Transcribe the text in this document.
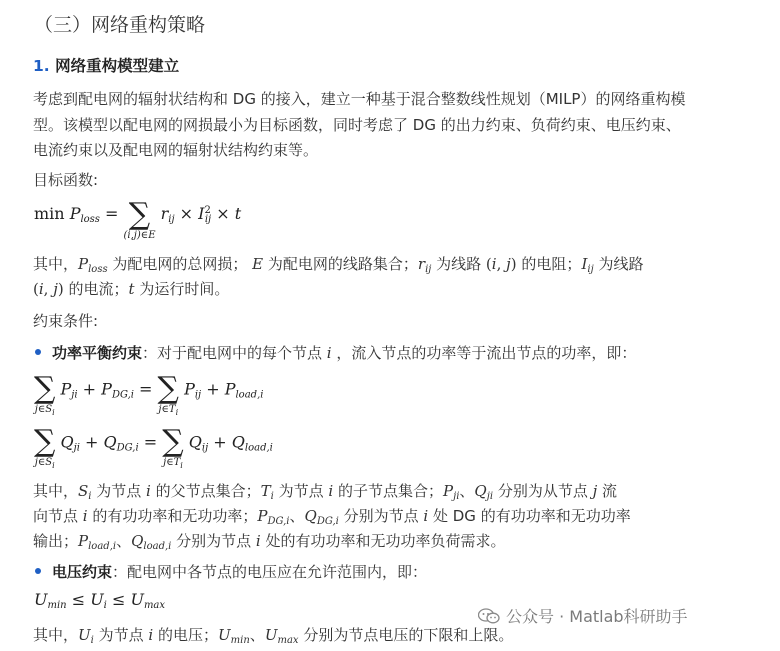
（三）网络重构策略
1. 网络重构模型建立
考虑到配电网的辐射状结构和 DG 的接入，建立一种基于混合整数线性规划（MILP）的网络重构模
型。该模型以配电网的网损最小为目标函数，同时考虑了 DG 的出力约束、负荷约束、电压约束、
电流约束以及配电网的辐射状结构约束等。
目标函数:
$\min P_{loss}$ = ∑
(i,j)∈E
$r_{ij} \times I^2_{ij} \times t$
其中，$P_{loss}$ 为配电网的总网损； E 为配电网的线路集合；$r_{ij}$ 为线路 (i, j) 的电阻；$I_{ij}$ 为线路
(i, j) 的电流；t 为运行时间。
约束条件:
功率平衡约束：对于配电网中的每个节点 i ，流入节点的功率等于流出节点的功率，即：
∑
$j\in S_i$
$P_{ji} + P_{DG,i}$ = ∑
$j\in T_i$
$P_{ij} + P_{load,i}$
∑
$j\in S_i$
$Q_{ji} + Q_{DG,i}$ = ∑
$j\in T_i$
$Q_{ij} + Q_{load,i}$
其中，$S_i$ 为节点 i 的父节点集合；$T_i$ 为节点 i 的子节点集合；$P_{ji}$、$Q_{ji}$ 分别为从节点 j 流
向节点 i 的有功功率和无功功率；$P_{DG,i}$、$Q_{DG,i}$ 分别为节点 i 处 DG 的有功功率和无功功率
输出；$P_{load,i}$、$Q_{load,i}$ 分别为节点 i 处的有功功率和无功功率负荷需求。
电压约束：配电网中各节点的电压应在允许范围内，即：
$U_{min} \le U_i \le U_{max}$
其中，$U_i$ 为节点 i 的电压；$U_{min}$、$U_{max}$ 分别为节点电压的下限和上限。
公众号 · Matlab科研助手
